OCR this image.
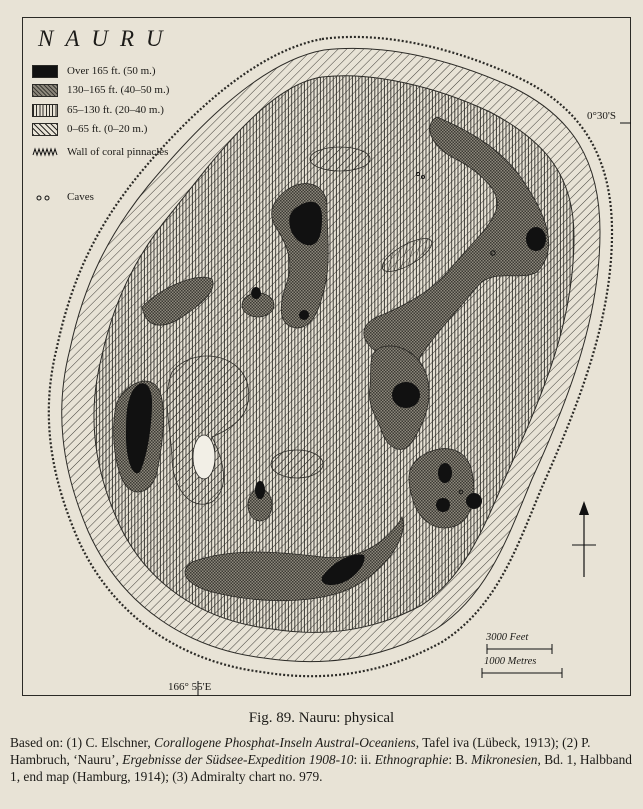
NAURU
Over 165 ft. (50 m.)
130–165 ft. (40–50 m.)
65–130 ft. (20–40 m.)
0–65 ft. (0–20 m.)
Wall of coral pinnacles
Caves
0°30'S
166° 55'E
3000 Feet
1000 Metres
Fig. 89. Nauru: physical
Based on: (1) C. Elschner, Corallogene Phosphat-Inseln Austral-Oceaniens, Tafel iva (Lübeck, 1913); (2) P. Hambruch, ‘Nauru’, Ergebnisse der Südsee-Expedition 1908-10: ii. Ethnographie: B. Mikronesien, Bd. 1, Halbband 1, end map (Hamburg, 1914); (3) Admiralty chart no. 979.
